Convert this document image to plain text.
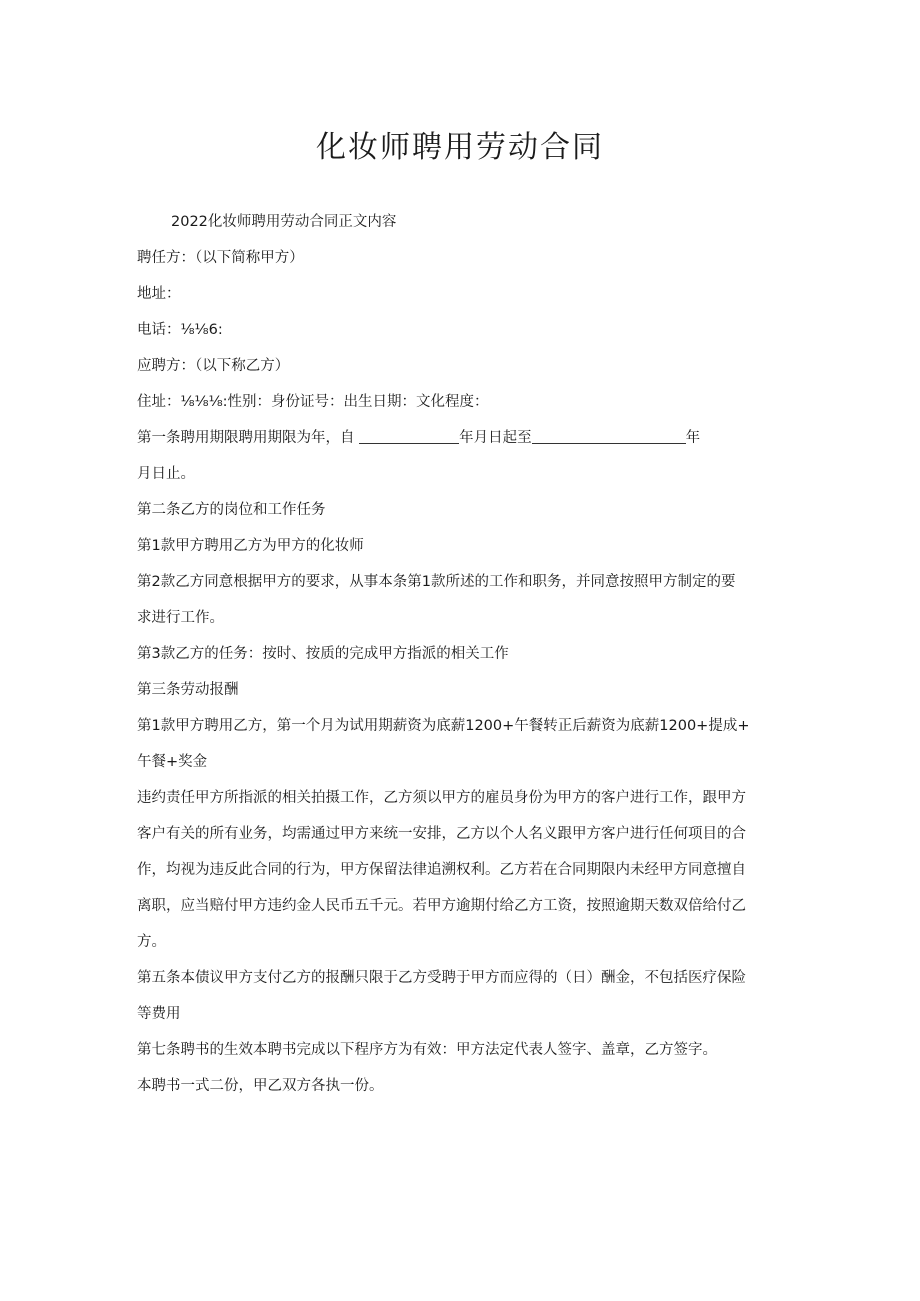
化妆师聘用劳动合同
2022化妆师聘用劳动合同正文内容
聘任方：（以下简称甲方）
地址：
电话：⅛⅛6:
应聘方：（以下称乙方）
住址：⅛⅛⅛:性别：身份证号：出生日期：文化程度：
第一条聘用期限聘用期限为年，自	年月日起至	年
月日止。
第二条乙方的岗位和工作任务
第1款甲方聘用乙方为甲方的化妆师
第2款乙方同意根据甲方的要求，从事本条第1款所述的工作和职务，并同意按照甲方制定的要
求进行工作。
第3款乙方的任务：按时、按质的完成甲方指派的相关工作
第三条劳动报酬
第1款甲方聘用乙方，第一个月为试用期薪资为底薪1200+午餐转正后薪资为底薪1200+提成+
午餐+奖金
违约责任甲方所指派的相关拍摄工作，乙方须以甲方的雇员身份为甲方的客户进行工作，跟甲方
客户有关的所有业务，均需通过甲方来统一安排，乙方以个人名义跟甲方客户进行任何项目的合
作，均视为违反此合同的行为，甲方保留法律追溯权利。乙方若在合同期限内未经甲方同意擅自
离职，应当赔付甲方违约金人民币五千元。若甲方逾期付给乙方工资，按照逾期天数双倍给付乙
方。
第五条本债议甲方支付乙方的报酬只限于乙方受聘于甲方而应得的（日）酬金，不包括医疗保险
等费用
第七条聘书的生效本聘书完成以下程序方为有效：甲方法定代表人签字、盖章，乙方签字。
本聘书一式二份，甲乙双方各执一份。
